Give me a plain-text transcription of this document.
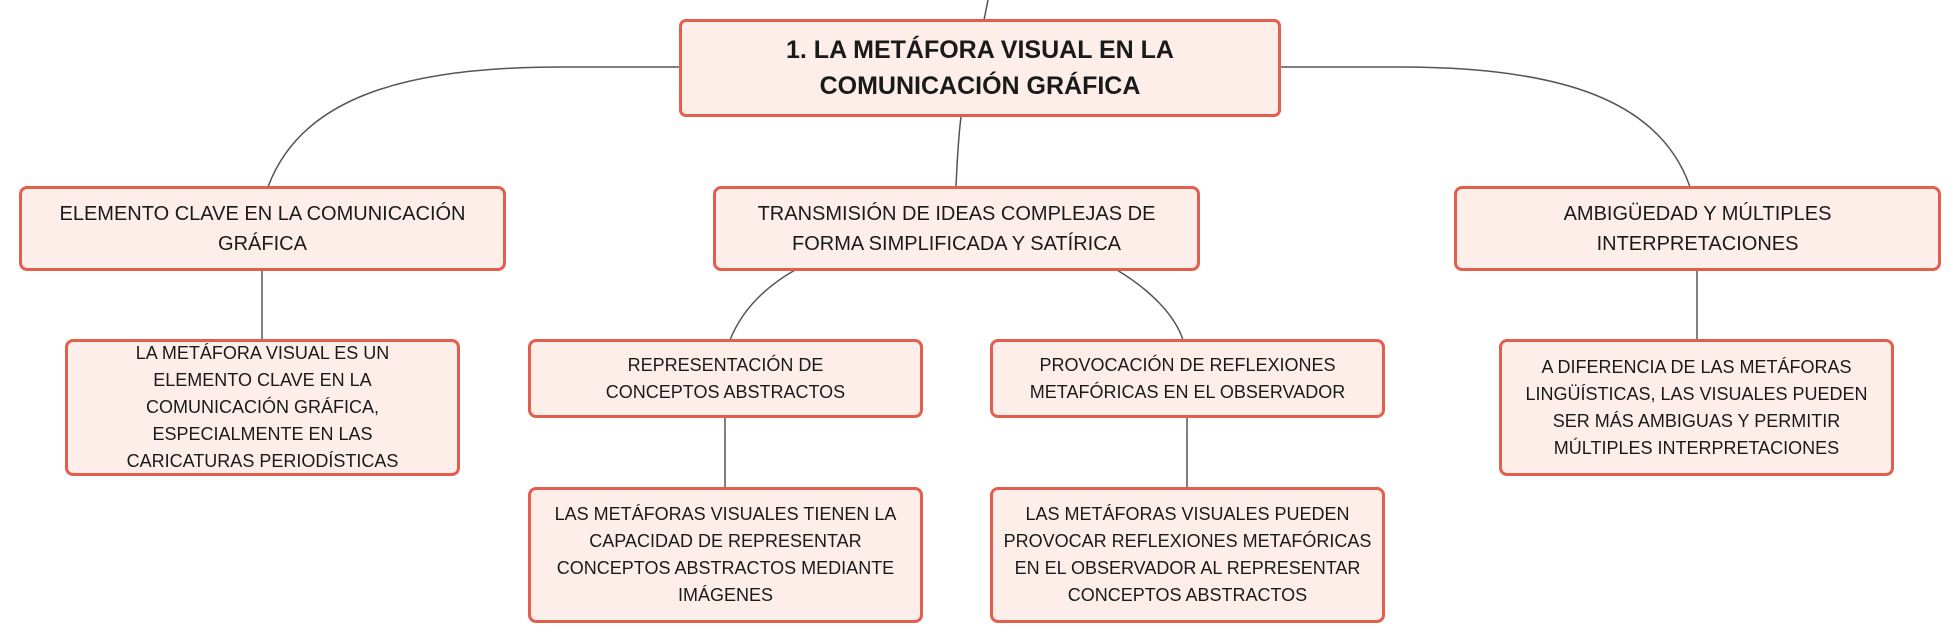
1. LA METÁFORA VISUAL EN LA COMUNICACIÓN GRÁFICA
ELEMENTO CLAVE EN LA COMUNICACIÓN GRÁFICA
TRANSMISIÓN DE IDEAS COMPLEJAS DE FORMA SIMPLIFICADA Y SATÍRICA
AMBIGÜEDAD Y MÚLTIPLES INTERPRETACIONES
LA METÁFORA VISUAL ES UN ELEMENTO CLAVE EN LA COMUNICACIÓN GRÁFICA, ESPECIALMENTE EN LAS CARICATURAS PERIODÍSTICAS
REPRESENTACIÓN DE CONCEPTOS ABSTRACTOS
PROVOCACIÓN DE REFLEXIONES METAFÓRICAS EN EL OBSERVADOR
A DIFERENCIA DE LAS METÁFORAS LINGÜÍSTICAS, LAS VISUALES PUEDEN SER MÁS AMBIGUAS Y PERMITIR MÚLTIPLES INTERPRETACIONES
LAS METÁFORAS VISUALES TIENEN LA CAPACIDAD DE REPRESENTAR CONCEPTOS ABSTRACTOS MEDIANTE IMÁGENES
LAS METÁFORAS VISUALES PUEDEN PROVOCAR REFLEXIONES METAFÓRICAS EN EL OBSERVADOR AL REPRESENTAR CONCEPTOS ABSTRACTOS
